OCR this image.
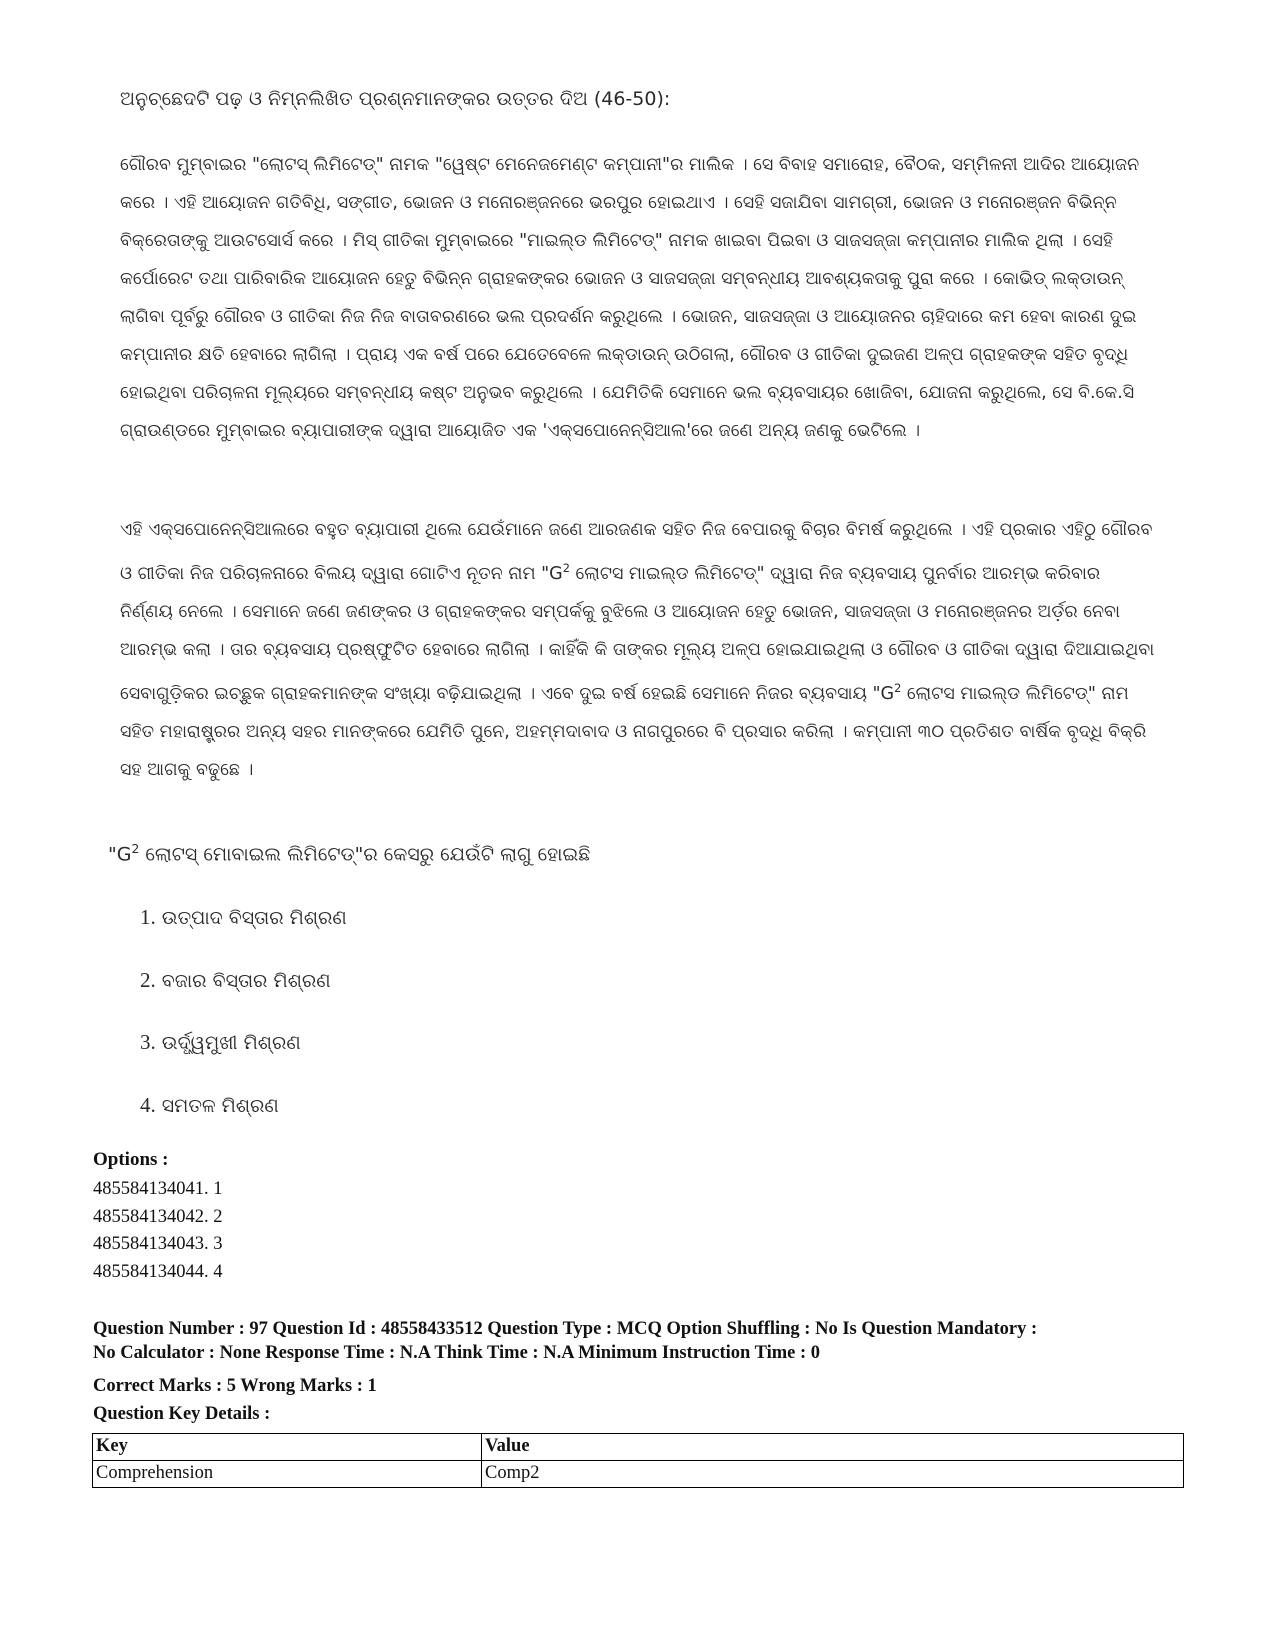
ଅନୁଚ୍ଛେଦଟି ପଢ଼ ଓ ନିମ୍ନଲିଖିତ ପ୍ରଶ୍ନମାନଙ୍କର ଉତ୍ତର ଦିଅ (46-50):

ଗୌରବ ମୁମ୍ବାଇର "ଲୋଟସ୍ ଲିମିଟେଡ୍" ନାମକ "ୱେଷ୍ଟ ମେନେଜମେଣ୍ଟ କମ୍ପାନୀ"ର ମାଲିକ । ସେ ବିବାହ ସମାରୋହ, ବୈଠକ, ସମ୍ମିଳନୀ ଆଦିର ଆୟୋଜନ କରେ । ଏହି ଆୟୋଜନ ଗତିବିଧି, ସଙ୍ଗୀତ, ଭୋଜନ ଓ ମନୋରଞ୍ଜନରେ ଭରପୁର ହୋଇଥାଏ । ସେହି ସଜାଯିବା ସାମଗ୍ରୀ, ଭୋଜନ ଓ ମନୋରଞ୍ଜନ ବିଭିନ୍ନ ବିକ୍ରେତାଙ୍କୁ ଆଉଟସୋର୍ସ କରେ । ମିସ୍ ଗୀତିକା ମୁମ୍ବାଇରେ "ମାଇଲ୍ଡ ଲିମିଟେଡ୍" ନାମକ ଖାଇବା ପିଇବା ଓ ସାଜସଜ୍ଜା କମ୍ପାନୀର ମାଲିକ ଥିଲା । ସେହି କର୍ପୋରେଟ ତଥା ପାରିବାରିକ ଆୟୋଜନ ହେତୁ ବିଭିନ୍ନ ଗ୍ରାହକଙ୍କର ଭୋଜନ ଓ ସାଜସଜ୍ଜା ସମ୍ବନ୍ଧୀୟ ଆବଶ୍ୟକତାକୁ ପୁରା କରେ । କୋଭିଡ୍ ଲକ୍‌ଡାଉନ୍ ଲାଗିବା ପୂର୍ବରୁ ଗୌରବ ଓ ଗୀତିକା ନିଜ ନିଜ ବାତାବରଣରେ ଭଲ ପ୍ରଦର୍ଶନ କରୁଥିଲେ । ଭୋଜନ, ସାଜସଜ୍ଜା ଓ ଆୟୋଜନର ଚାହିଦାରେ କମ ହେବା କାରଣ ଦୁଇ କମ୍ପାନୀର କ୍ଷତି ହେବାରେ ଲାଗିଲା । ପ୍ରାୟ ଏକ ବର୍ଷ ପରେ ଯେତେବେଳେ ଲକ୍‌ଡାଉନ୍ ଉଠିଗଲା, ଗୌରବ ଓ ଗୀତିକା ଦୁଇଜଣ ଅଳ୍ପ ଗ୍ରାହକଙ୍କ ସହିତ ବୃଦ୍ଧି ହୋଇଥିବା ପରିଚାଳନା ମୂଲ୍ୟରେ ସମ୍ବନ୍ଧୀୟ କଷ୍ଟ ଅନୁଭବ କରୁଥିଲେ । ଯେମିତିକି ସେମାନେ ଭଲ ବ୍ୟବସାୟର ଖୋଜିବା, ଯୋଜନା କରୁଥିଲେ, ସେ ବି.କେ.ସି ଗ୍ରାଉଣ୍ଡରେ ମୁମ୍ବାଇର ବ୍ୟାପାରୀଙ୍କ ଦ୍ୱାରା ଆୟୋଜିତ ଏକ 'ଏକ୍ସପୋନେନ୍‌ସିଆଲ'ରେ ଜଣେ ଅନ୍ୟ ଜଣକୁ ଭେଟିଲେ ।

ଏହି ଏକ୍ସପୋନେନ୍‌ସିଆଲରେ ବହୁତ ବ୍ୟାପାରୀ ଥିଲେ ଯେଉଁମାନେ ଜଣେ ଆରଜଣକ ସହିତ ନିଜ ବେପାରକୁ ବିଚାର ବିମର୍ଷ କରୁଥିଲେ । ଏହି ପ୍ରକାର ଏହିଠୁ ଗୌରବ ଓ ଗୀତିକା ନିଜ ପରିଚାଳନାରେ ବିଲୟ ଦ୍ୱାରା ଗୋଟିଏ ନୂତନ ନାମ "$G^2$ ଲୋଟସ ମାଇଲ୍ଡ ଲିମିଟେଡ୍" ଦ୍ୱାରା ନିଜ ବ୍ୟବସାୟ ପୁନର୍ବାର ଆରମ୍ଭ କରିବାର ନିର୍ଣ୍ଣୟ ନେଲେ । ସେମାନେ ଜଣେ ଜଣଙ୍କର ଓ ଗ୍ରାହକଙ୍କର ସମ୍ପର୍କକୁ ବୁଝିଲେ ଓ ଆୟୋଜନ ହେତୁ ଭୋଜନ, ସାଜସଜ୍ଜା ଓ ମନୋରଞ୍ଜନର ଅର୍ଡ଼ର ନେବା ଆରମ୍ଭ କଲା । ତାର ବ୍ୟବସାୟ ପ୍ରଷ୍ଫୁଟିତ ହେବାରେ ଲାଗିଲା । କାହିଁକି କି ତାଙ୍କର ମୂଲ୍ୟ ଅଳ୍ପ ହୋଇଯାଇଥିଲା ଓ ଗୌରବ ଓ ଗୀତିକା ଦ୍ୱାରା ଦିଆଯାଇଥିବା ସେବାଗୁଡ଼ିକର ଇଚ୍ଛୁକ ଗ୍ରାହକମାନଙ୍କ ସଂଖ୍ୟା ବଢ଼ିଯାଇଥିଲା । ଏବେ ଦୁଇ ବର୍ଷ ହେଇଛି ସେମାନେ ନିଜର ବ୍ୟବସାୟ "$G^2$ ଲୋଟସ ମାଇଲ୍ଡ ଲିମିଟେଡ୍" ନାମ ସହିତ ମହାରାଷ୍ଟ୍ରର ଅନ୍ୟ ସହର ମାନଙ୍କରେ ଯେମିତି ପୁନେ, ଅହମ୍ମଦାବାଦ ଓ ନାଗପୁରରେ ବି ପ୍ରସାର କରିଲା । କମ୍ପାନୀ ୩୦ ପ୍ରତିଶତ ବାର୍ଷିକ ବୃଦ୍ଧି ବିକ୍ରି ସହ ଆଗକୁ ବଢୁଛେ ।

"$G^2$ ଲୋଟସ୍ ମୋବାଇଲ ଲିମିଟେଡ୍"ର କେସରୁ ଯେଉଁଟି ଲାଗୁ ହୋଇଛି
1. ଉତ୍ପାଦ ବିସ୍ତାର ମିଶ୍ରଣ
2. ବଜାର ବିସ୍ତାର ମିଶ୍ରଣ
3. ଉର୍ଦ୍ଧ୍ୱମୁଖୀ ମିଶ୍ରଣ
4. ସମତଳ ମିଶ୍ରଣ
Options :
485584134041. 1
485584134042. 2
485584134043. 3
485584134044. 4
Question Number : 97 Question Id : 48558433512 Question Type : MCQ Option Shuffling : No Is Question Mandatory :
No Calculator : None Response Time : N.A Think Time : N.A Minimum Instruction Time : 0
Correct Marks : 5 Wrong Marks : 1
Question Key Details :
Key	Value
Comprehension	Comp2
